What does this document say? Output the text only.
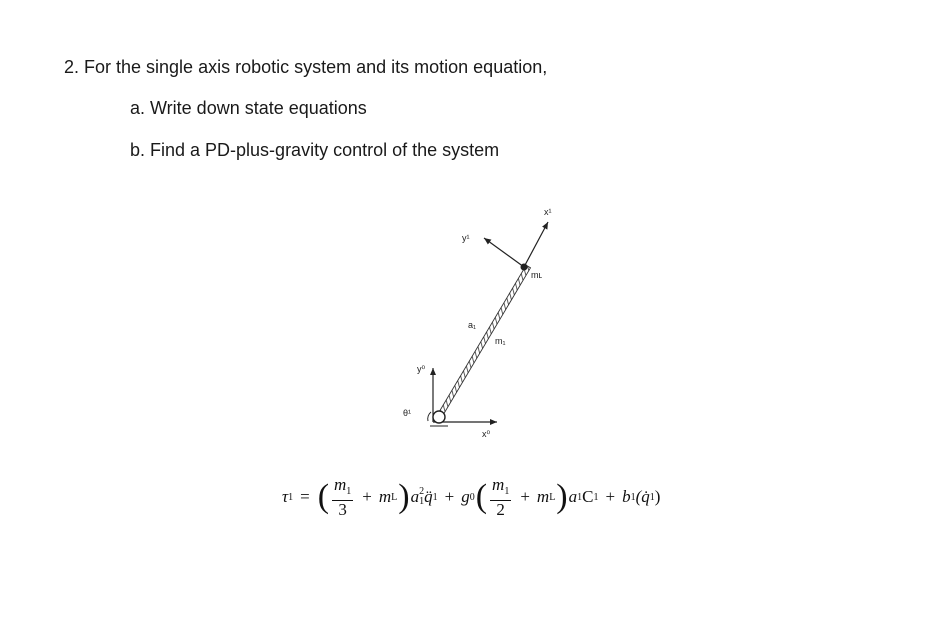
2. For the single axis robotic system and its motion equation,
a. Write down state equations
b. Find a PD-plus-gravity control of the system
y¹
x¹
mʟ
a₁
m₁
y⁰
θ¹
x⁰
τ 1 = ( $\frac{m_1}{3} + m$ L ) a 2
1 q̈ 1 + g 0 ( $\frac{m_1}{2} + m$ L ) a 1 C 1 + b 1 (q̇ 1 )
